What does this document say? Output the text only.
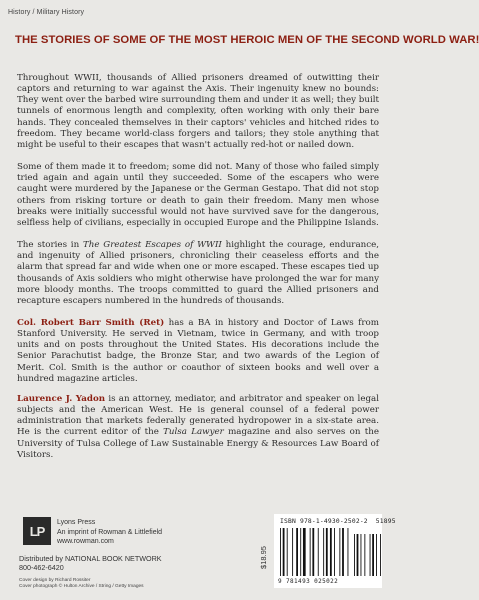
History / Military History
THE STORIES OF SOME OF THE MOST HEROIC MEN OF THE SECOND WORLD WAR!

Throughout WWII, thousands of Allied prisoners dreamed of outwitting their captors and returning to war against the Axis. Their ingenuity knew no bounds: They went over the barbed wire surrounding them and under it as well; they built tunnels of enormous length and complexity, often working with only their bare hands. They concealed themselves in their captors' vehicles and hitched rides to freedom. They became world-class forgers and tailors; they stole anything that might be useful to their escapes that wasn't actually red-hot or nailed down.

Some of them made it to freedom; some did not. Many of those who failed simply tried again and again until they succeeded. Some of the escapers who were caught were murdered by the Japanese or the German Gestapo. That did not stop others from risking torture or death to gain their freedom. Many men whose breaks were initially successful would not have survived save for the dangerous, selfless help of civilians, especially in occupied Europe and the Philippine Islands.

The stories in The Greatest Escapes of WWII highlight the courage, endurance, and ingenuity of Allied prisoners, chronicling their ceaseless efforts and the alarm that spread far and wide when one or more escaped. These escapes tied up thousands of Axis soldiers who might otherwise have prolonged the war for many more bloody months. The troops committed to guard the Allied prisoners and recapture escapers numbered in the hundreds of thousands.

Col. Robert Barr Smith (Ret) has a BA in history and Doctor of Laws from Stanford University. He served in Vietnam, twice in Germany, and with troop units and on posts throughout the United States. His decorations include the Senior Parachutist badge, the Bronze Star, and two awards of the Legion of Merit. Col. Smith is the author or coauthor of sixteen books and well over a hundred magazine articles.

Laurence J. Yadon is an attorney, mediator, and arbitrator and speaker on legal subjects and the American West. He is general counsel of a federal power administration that markets federally generated hydropower in a six-state area. He is the current editor of the Tulsa Lawyer magazine and also serves on the University of Tulsa College of Law Sustainable Energy & Resources Law Board of Visitors.

LP
Lyons Press
An imprint of Rowman & Littlefield
www.rowman.com
Distributed by NATIONAL BOOK NETWORK
800-462-6420
Cover design by Richard Rossiter
Cover photograph © Hulton Archive / String / Getty Images
$18.95
ISBN 978-1-4930-2502-2 51895
9 781493 025022
